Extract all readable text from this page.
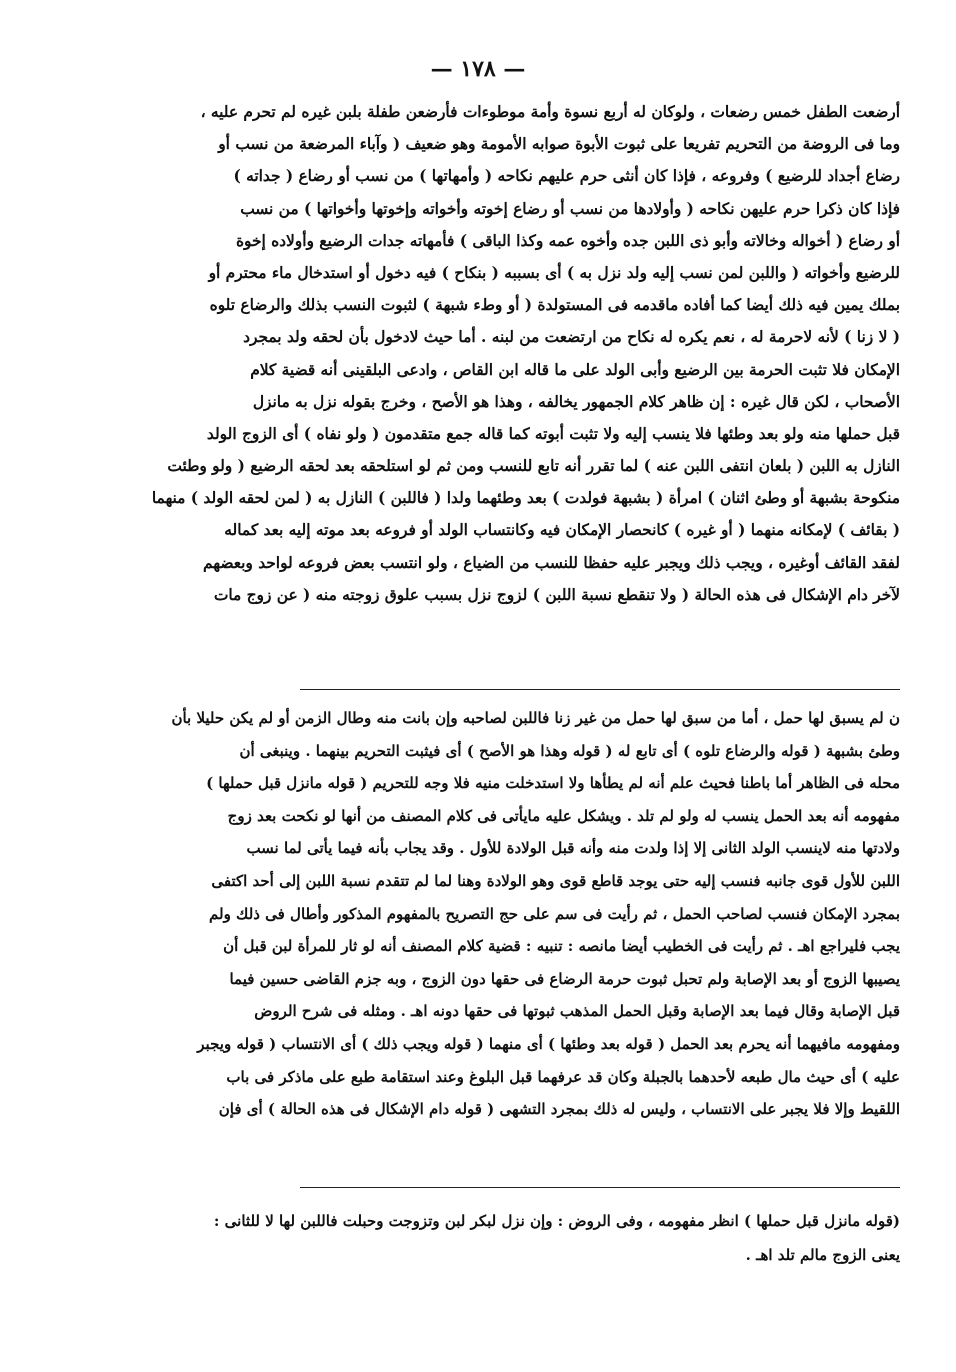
— ١٧٨ —
أرضعت الطفل خمس رضعات ، ولوكان له أربع نسوة وأمة موطوءات فأرضعن طفلة بلبن غيره لم تحرم عليه ،
وما فى الروضة من التحريم تفريعا على ثبوت الأبوة صوابه الأمومة وهو ضعيف ( وآباء المرضعة من نسب أو
رضاع أجداد للرضيع ) وفروعه ، فإذا كان أنثى حرم عليهم نكاحه ( وأمهاتها ) من نسب أو رضاع ( جداته )
فإذا كان ذكرا حرم عليهن نكاحه ( وأولادها من نسب أو رضاع إخوته وأخواته وإخوتها وأخواتها ) من نسب
أو رضاع ( أخواله وخالاته وأبو ذى اللبن جده وأخوه عمه وكذا الباقى ) فأمهاته جدات الرضيع وأولاده إخوة
للرضيع وأخواته ( واللبن لمن نسب إليه ولد نزل به ) أى بسببه ( بنكاح ) فيه دخول أو استدخال ماء محترم أو
بملك يمين فيه ذلك أيضا كما أفاده ماقدمه فى المستولدة ( أو وطء شبهة ) لثبوت النسب بذلك والرضاع تلوه
( لا زنا ) لأنه لاحرمة له ، نعم يكره له نكاح من ارتضعت من لبنه . أما حيث لادخول بأن لحقه ولد بمجرد
الإمكان فلا تثبت الحرمة بين الرضيع وأبى الولد على ما قاله ابن القاص ، وادعى البلقينى أنه قضية كلام
الأصحاب ، لكن قال غيره : إن ظاهر كلام الجمهور يخالفه ، وهذا هو الأصح ، وخرج بقوله نزل به مانزل
قبل حملها منه ولو بعد وطئها فلا ينسب إليه ولا تثبت أبوته كما قاله جمع متقدمون ( ولو نفاه ) أى الزوج الولد
النازل به اللبن ( بلعان انتفى اللبن عنه ) لما تقرر أنه تابع للنسب ومن ثم لو استلحقه بعد لحقه الرضيع ( ولو وطئت
منكوحة بشبهة أو وطئ اثنان ) امرأة ( بشبهة فولدت ) بعد وطئهما ولدا ( فاللبن ) النازل به ( لمن لحقه الولد ) منهما
( بقائف ) لإمكانه منهما ( أو غيره ) كانحصار الإمكان فيه وكانتساب الولد أو فروعه بعد موته إليه بعد كماله
لفقد القائف أوغيره ، ويجب ذلك ويجبر عليه حفظا للنسب من الضياع ، ولو انتسب بعض فروعه لواحد وبعضهم
لآخر دام الإشكال فى هذه الحالة ( ولا تنقطع نسبة اللبن ) لزوج نزل بسبب علوق زوجته منه ( عن زوج مات
ن لم يسبق لها حمل ، أما من سبق لها حمل من غير زنا فاللبن لصاحبه وإن بانت منه وطال الزمن أو لم يكن حليلا بأن
وطئ بشبهة ( قوله والرضاع تلوه ) أى تابع له ( قوله وهذا هو الأصح ) أى فيثبت التحريم بينهما . وينبغى أن
محله فى الظاهر أما باطنا فحيث علم أنه لم يطأها ولا استدخلت منيه فلا وجه للتحريم ( قوله مانزل قبل حملها )
مفهومه أنه بعد الحمل ينسب له ولو لم تلد . ويشكل عليه مايأتى فى كلام المصنف من أنها لو نكحت بعد زوج
ولادتها منه لاينسب الولد الثانى إلا إذا ولدت منه وأنه قبل الولادة للأول . وقد يجاب بأنه فيما يأتى لما نسب
اللبن للأول قوى جانبه فنسب إليه حتى يوجد قاطع قوى وهو الولادة وهنا لما لم تتقدم نسبة اللبن إلى أحد اكتفى
بمجرد الإمكان فنسب لصاحب الحمل ، ثم رأيت فى سم على حج التصريح بالمفهوم المذكور وأطال فى ذلك ولم
يجب فليراجع اهـ . ثم رأيت فى الخطيب أيضا مانصه : تنبيه : قضية كلام المصنف أنه لو ثار للمرأة لبن قبل أن
يصيبها الزوج أو بعد الإصابة ولم تحبل ثبوت حرمة الرضاع فى حقها دون الزوج ، وبه جزم القاضى حسين فيما
قبل الإصابة وقال فيما بعد الإصابة وقبل الحمل المذهب ثبوتها فى حقها دونه اهـ . ومثله فى شرح الروض
ومفهومه مافيهما أنه يحرم بعد الحمل ( قوله بعد وطئها ) أى منهما ( قوله ويجب ذلك ) أى الانتساب ( قوله ويجبر
عليه ) أى حيث مال طبعه لأحدهما بالجبلة وكان قد عرفهما قبل البلوغ وعند استقامة طبع على ماذكر فى باب
اللقيط وإلا فلا يجبر على الانتساب ، وليس له ذلك بمجرد التشهى ( قوله دام الإشكال فى هذه الحالة ) أى فإن
(قوله مانزل قبل حملها ) انظر مفهومه ، وفى الروض : وإن نزل لبكر لبن وتزوجت وحبلت فاللبن لها لا للثانى :
يعنى الزوج مالم تلد اهـ .
